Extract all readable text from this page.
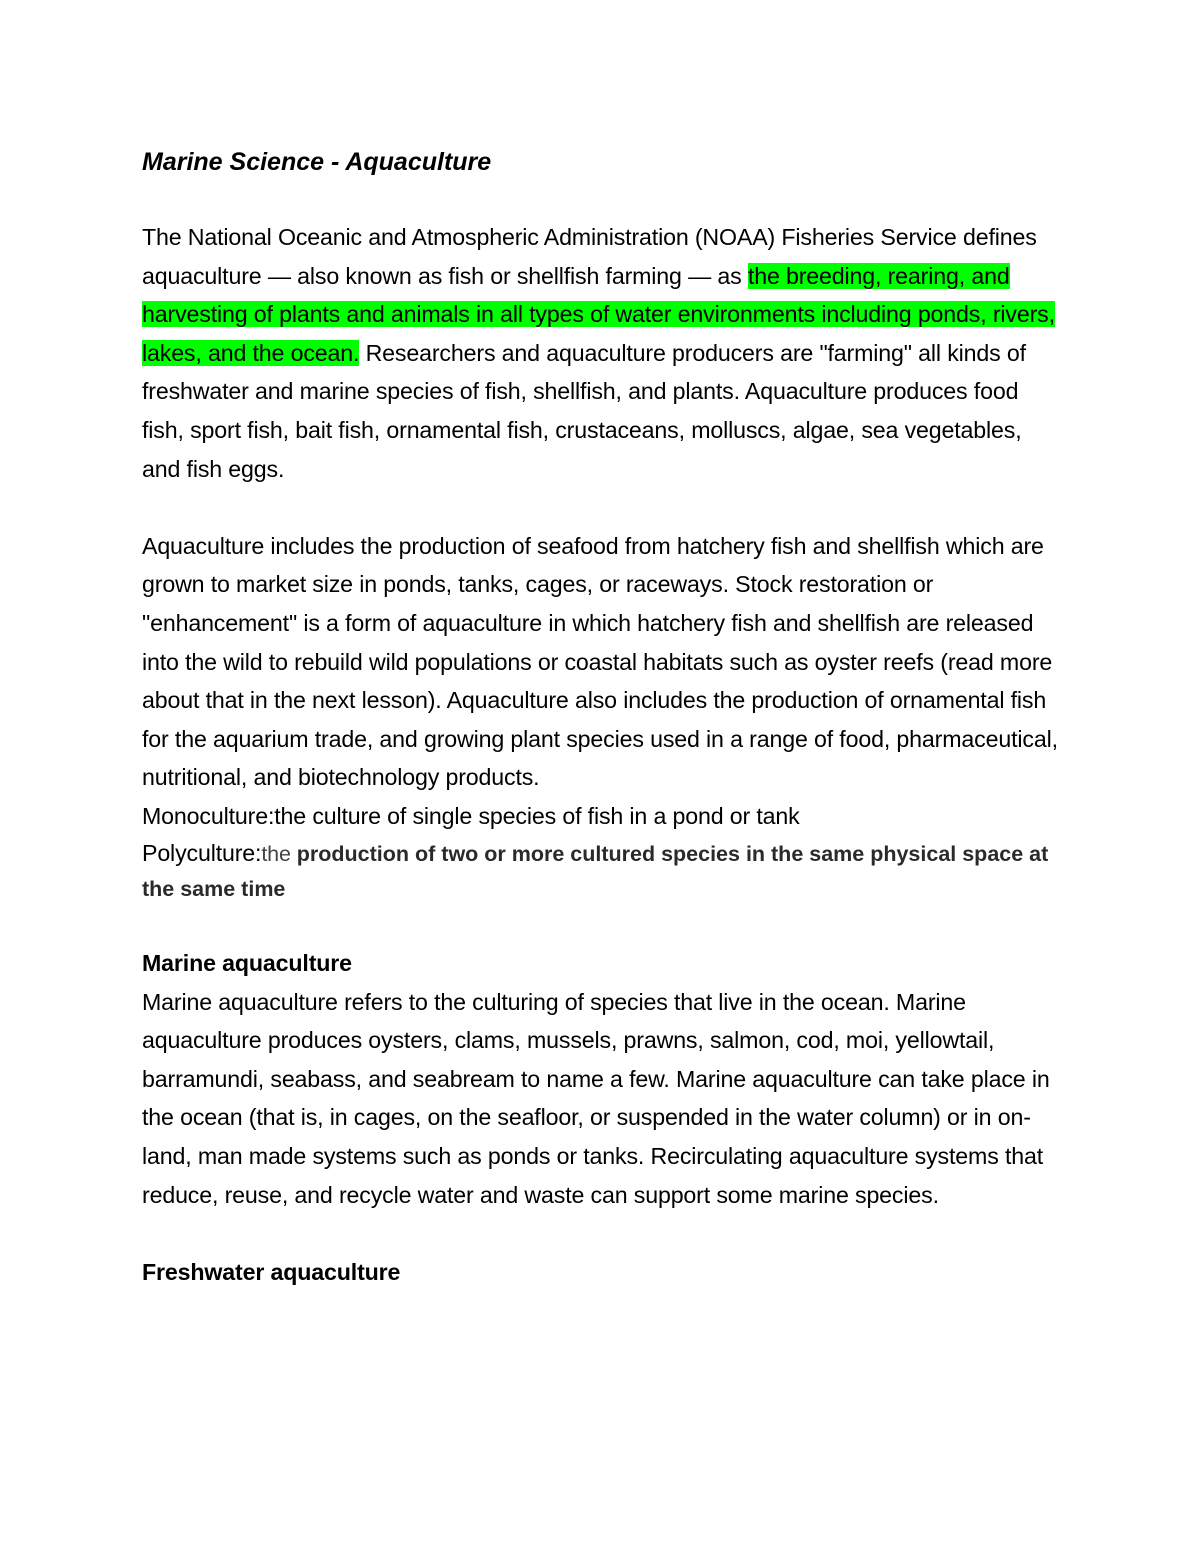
Marine Science - Aquaculture

The National Oceanic and Atmospheric Administration (NOAA) Fisheries Service defines aquaculture — also known as fish or shellfish farming — as the breeding, rearing, and harvesting of plants and animals in all types of water environments including ponds, rivers, lakes, and the ocean. Researchers and aquaculture producers are "farming" all kinds of freshwater and marine species of fish, shellfish, and plants. Aquaculture produces food fish, sport fish, bait fish, ornamental fish, crustaceans, molluscs, algae, sea vegetables, and fish eggs.

Aquaculture includes the production of seafood from hatchery fish and shellfish which are grown to market size in ponds, tanks, cages, or raceways. Stock restoration or "enhancement" is a form of aquaculture in which hatchery fish and shellfish are released into the wild to rebuild wild populations or coastal habitats such as oyster reefs (read more about that in the next lesson). Aquaculture also includes the production of ornamental fish for the aquarium trade, and growing plant species used in a range of food, pharmaceutical, nutritional, and biotechnology products.

Monoculture:the culture of single species of fish in a pond or tank

Polyculture:the production of two or more cultured species in the same physical space at the same time

Marine aquaculture

Marine aquaculture refers to the culturing of species that live in the ocean. Marine aquaculture produces oysters, clams, mussels, prawns, salmon, cod, moi, yellowtail, barramundi, seabass, and seabream to name a few. Marine aquaculture can take place in the ocean (that is, in cages, on the seafloor, or suspended in the water column) or in on-land, man made systems such as ponds or tanks. Recirculating aquaculture systems that reduce, reuse, and recycle water and waste can support some marine species.

Freshwater aquaculture
